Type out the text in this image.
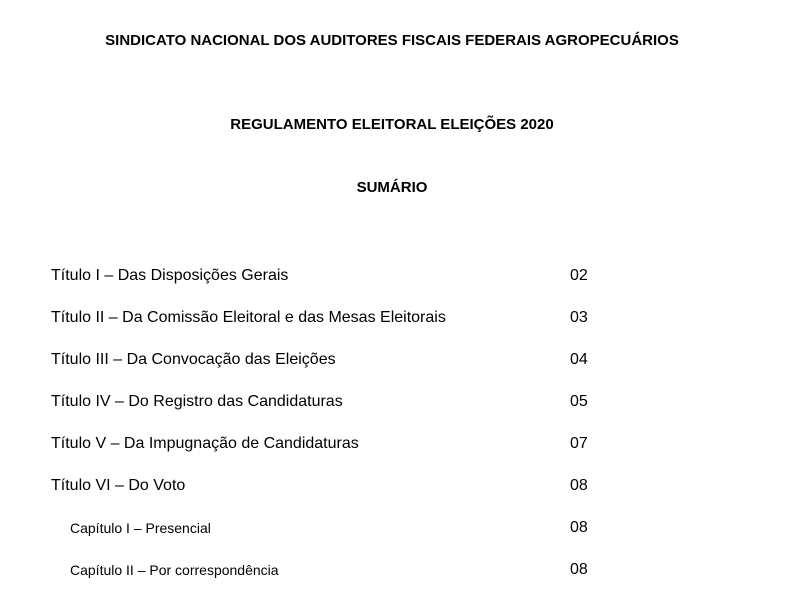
SINDICATO NACIONAL DOS AUDITORES FISCAIS FEDERAIS AGROPECUÁRIOS
REGULAMENTO ELEITORAL ELEIÇÕES 2020
SUMÁRIO
Título I – Das Disposições Gerais	02
Título II – Da Comissão Eleitoral e das Mesas Eleitorais	03
Título III – Da Convocação das Eleições	04
Título IV – Do Registro das Candidaturas	05
Título V – Da Impugnação de Candidaturas	07
Título VI – Do Voto	08
Capítulo I – Presencial	08
Capítulo II – Por correspondência	08
